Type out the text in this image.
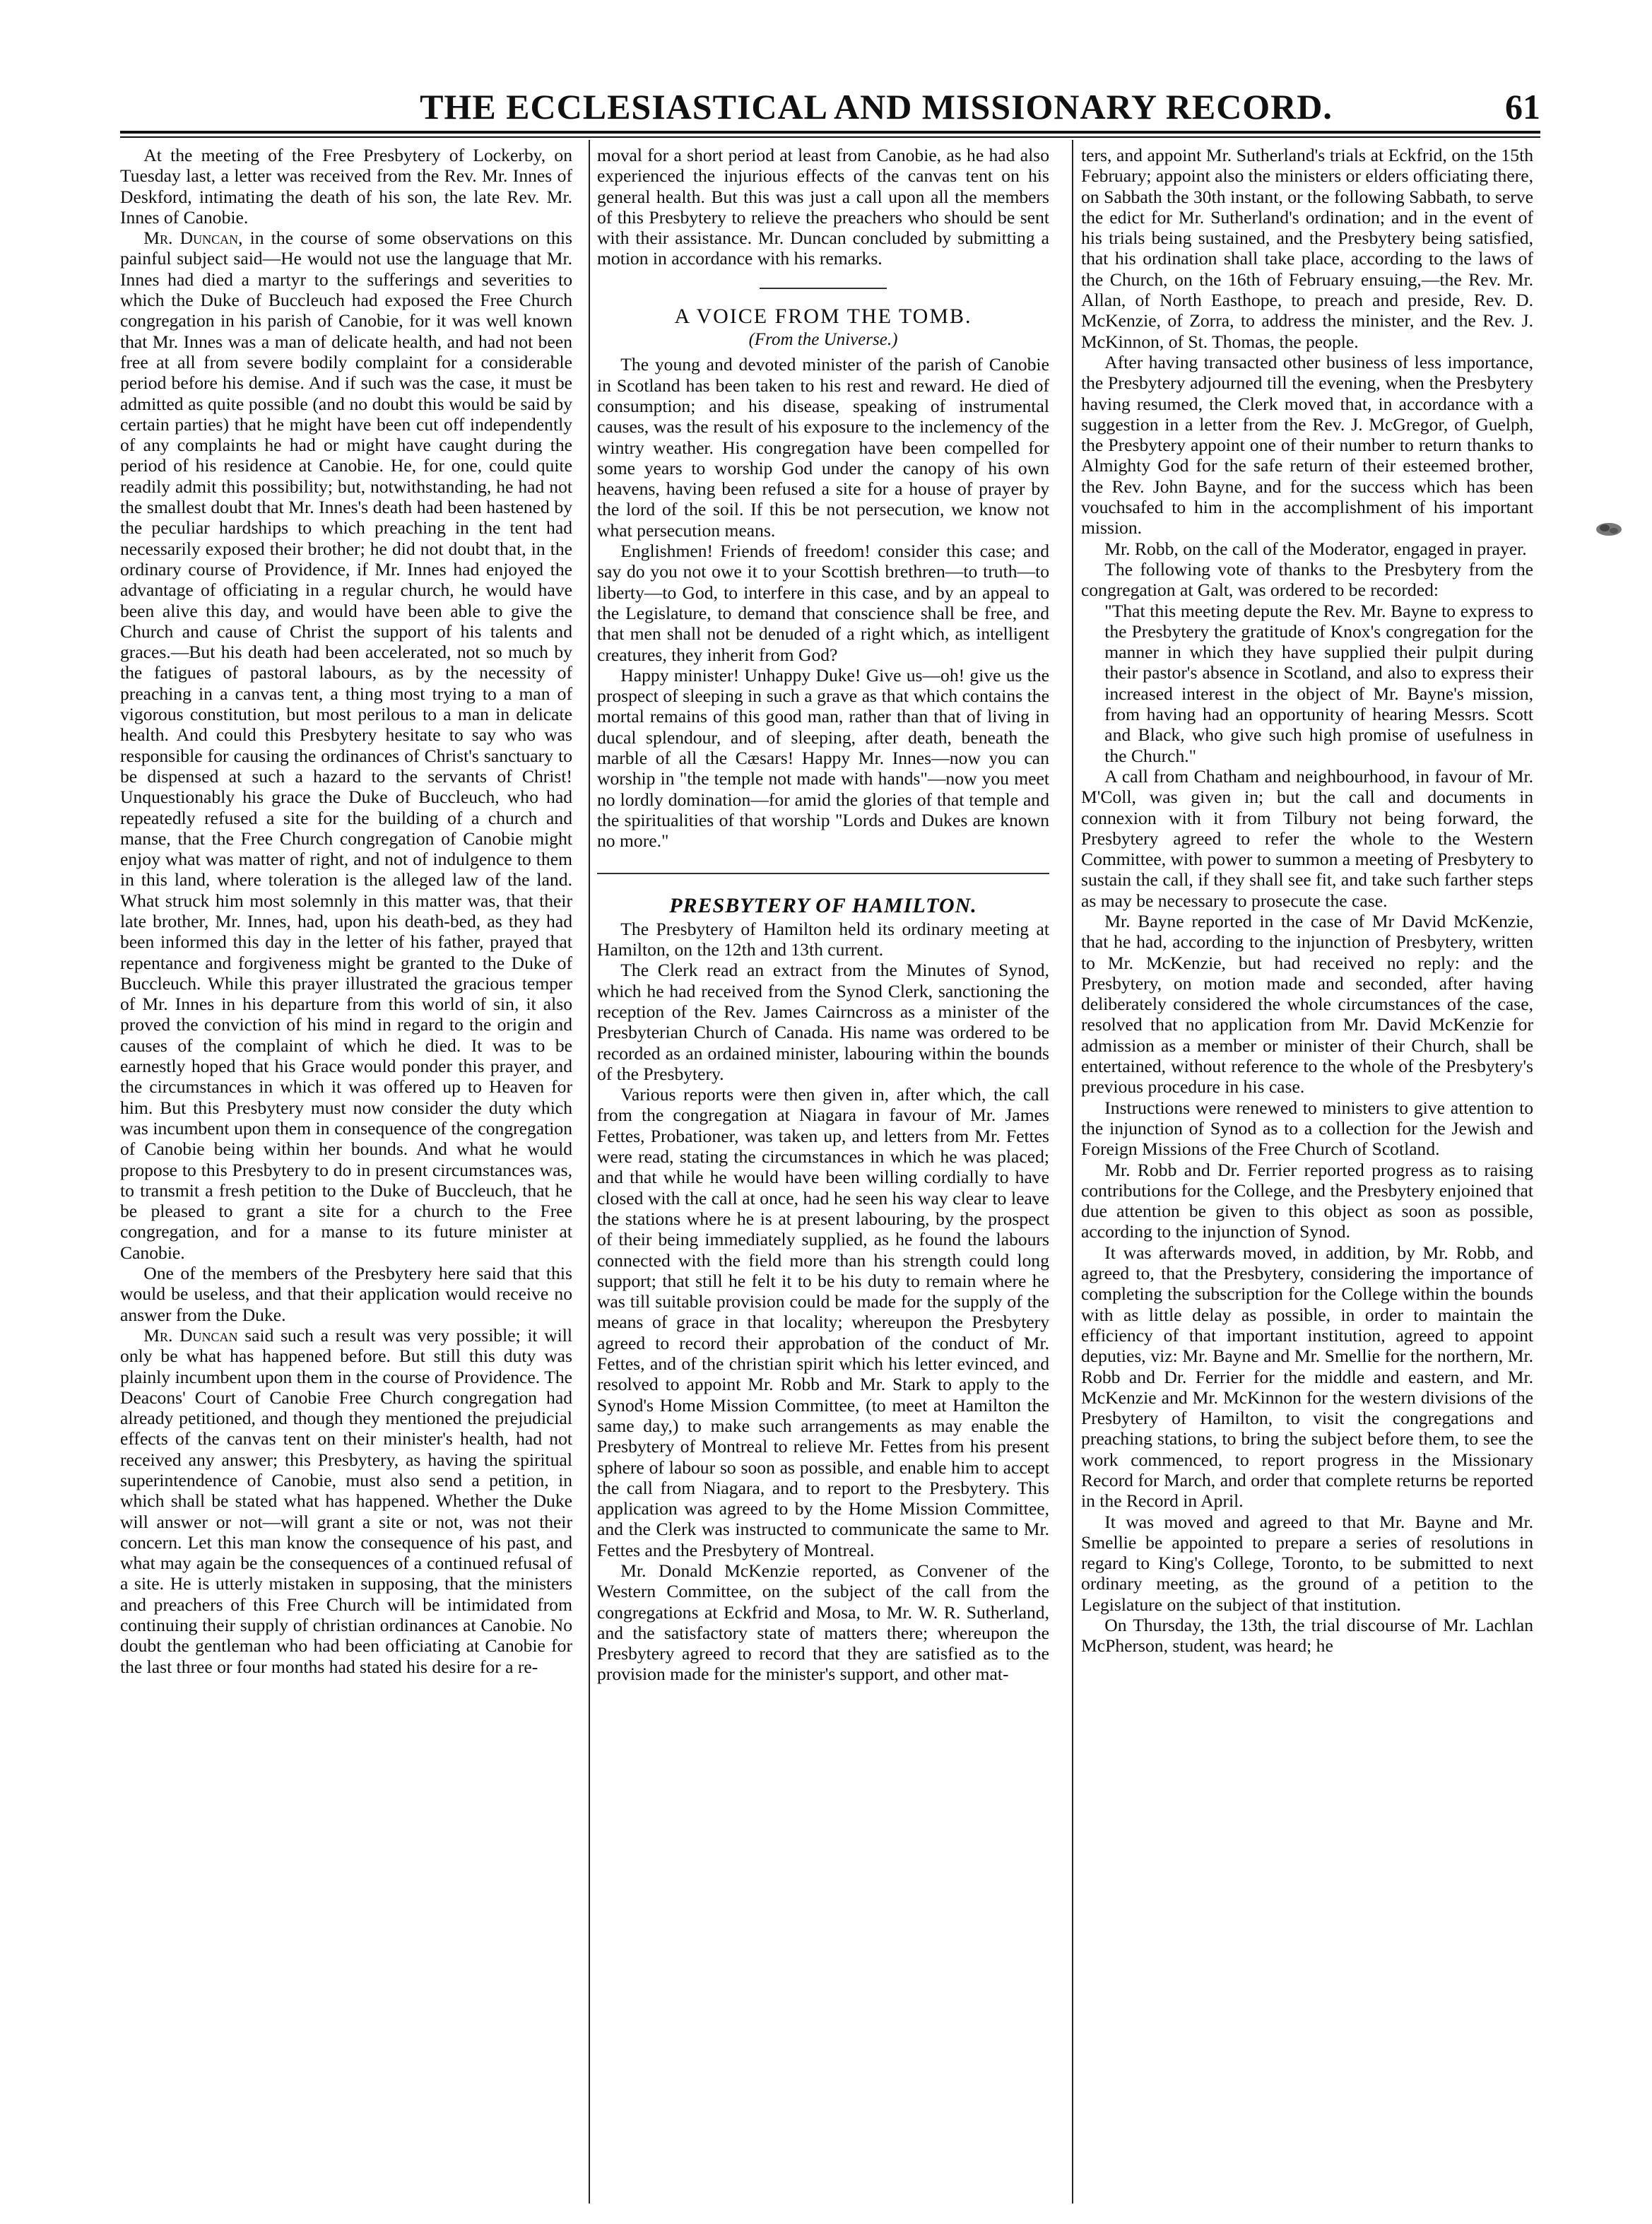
THE ECCLESIASTICAL AND MISSIONARY RECORD.	61

At the meeting of the Free Presbytery of Lockerby, on Tuesday last, a letter was received from the Rev. Mr. Innes of Deskford, intimating the death of his son, the late Rev. Mr. Innes of Canobie.

Mr. Duncan, in the course of some observations on this painful subject said—He would not use the language that Mr. Innes had died a martyr to the sufferings and severities to which the Duke of Buccleuch had exposed the Free Church congregation in his parish of Canobie, for it was well known that Mr. Innes was a man of delicate health, and had not been free at all from severe bodily complaint for a considerable period before his demise. And if such was the case, it must be admitted as quite possible (and no doubt this would be said by certain parties) that he might have been cut off independently of any complaints he had or might have caught during the period of his residence at Canobie. He, for one, could quite readily admit this possibility; but, notwithstanding, he had not the smallest doubt that Mr. Innes's death had been hastened by the peculiar hardships to which preaching in the tent had necessarily exposed their brother; he did not doubt that, in the ordinary course of Providence, if Mr. Innes had enjoyed the advantage of officiating in a regular church, he would have been alive this day, and would have been able to give the Church and cause of Christ the support of his talents and graces.—But his death had been accelerated, not so much by the fatigues of pastoral labours, as by the necessity of preaching in a canvas tent, a thing most trying to a man of vigorous constitution, but most perilous to a man in delicate health. And could this Presbytery hesitate to say who was responsible for causing the ordinances of Christ's sanctuary to be dispensed at such a hazard to the servants of Christ! Unquestionably his grace the Duke of Buccleuch, who had repeatedly refused a site for the building of a church and manse, that the Free Church congregation of Canobie might enjoy what was matter of right, and not of indulgence to them in this land, where toleration is the alleged law of the land. What struck him most solemnly in this matter was, that their late brother, Mr. Innes, had, upon his death-bed, as they had been informed this day in the letter of his father, prayed that repentance and forgiveness might be granted to the Duke of Buccleuch. While this prayer illustrated the gracious temper of Mr. Innes in his departure from this world of sin, it also proved the conviction of his mind in regard to the origin and causes of the complaint of which he died. It was to be earnestly hoped that his Grace would ponder this prayer, and the circumstances in which it was offered up to Heaven for him. But this Presbytery must now consider the duty which was incumbent upon them in consequence of the congregation of Canobie being within her bounds. And what he would propose to this Presbytery to do in present circumstances was, to transmit a fresh petition to the Duke of Buccleuch, that he be pleased to grant a site for a church to the Free congregation, and for a manse to its future minister at Canobie.

One of the members of the Presbytery here said that this would be useless, and that their application would receive no answer from the Duke.

Mr. Duncan said such a result was very possible; it will only be what has happened before. But still this duty was plainly incumbent upon them in the course of Providence. The Deacons' Court of Canobie Free Church congregation had already petitioned, and though they mentioned the prejudicial effects of the canvas tent on their minister's health, had not received any answer; this Presbytery, as having the spiritual superintendence of Canobie, must also send a petition, in which shall be stated what has happened. Whether the Duke will answer or not—will grant a site or not, was not their concern. Let this man know the consequence of his past, and what may again be the consequences of a continued refusal of a site. He is utterly mistaken in supposing, that the ministers and preachers of this Free Church will be intimidated from continuing their supply of christian ordinances at Canobie. No doubt the gentleman who had been officiating at Canobie for the last three or four months had stated his desire for a re-

moval for a short period at least from Canobie, as he had also experienced the injurious effects of the canvas tent on his general health. But this was just a call upon all the members of this Presbytery to relieve the preachers who should be sent with their assistance. Mr. Duncan concluded by submitting a motion in accordance with his remarks.

A VOICE FROM THE TOMB.
(From the Universe.)

The young and devoted minister of the parish of Canobie in Scotland has been taken to his rest and reward. He died of consumption; and his disease, speaking of instrumental causes, was the result of his exposure to the inclemency of the wintry weather. His congregation have been compelled for some years to worship God under the canopy of his own heavens, having been refused a site for a house of prayer by the lord of the soil. If this be not persecution, we know not what persecution means.

Englishmen! Friends of freedom! consider this case; and say do you not owe it to your Scottish brethren—to truth—to liberty—to God, to interfere in this case, and by an appeal to the Legislature, to demand that conscience shall be free, and that men shall not be denuded of a right which, as intelligent creatures, they inherit from God?

Happy minister! Unhappy Duke! Give us—oh! give us the prospect of sleeping in such a grave as that which contains the mortal remains of this good man, rather than that of living in ducal splendour, and of sleeping, after death, beneath the marble of all the Cæsars! Happy Mr. Innes—now you can worship in "the temple not made with hands"—now you meet no lordly domination—for amid the glories of that temple and the spiritualities of that worship "Lords and Dukes are known no more."

PRESBYTERY OF HAMILTON.

The Presbytery of Hamilton held its ordinary meeting at Hamilton, on the 12th and 13th current.

The Clerk read an extract from the Minutes of Synod, which he had received from the Synod Clerk, sanctioning the reception of the Rev. James Cairncross as a minister of the Presbyterian Church of Canada. His name was ordered to be recorded as an ordained minister, labouring within the bounds of the Presbytery.

Various reports were then given in, after which, the call from the congregation at Niagara in favour of Mr. James Fettes, Probationer, was taken up, and letters from Mr. Fettes were read, stating the circumstances in which he was placed; and that while he would have been willing cordially to have closed with the call at once, had he seen his way clear to leave the stations where he is at present labouring, by the prospect of their being immediately supplied, as he found the labours connected with the field more than his strength could long support; that still he felt it to be his duty to remain where he was till suitable provision could be made for the supply of the means of grace in that locality; whereupon the Presbytery agreed to record their approbation of the conduct of Mr. Fettes, and of the christian spirit which his letter evinced, and resolved to appoint Mr. Robb and Mr. Stark to apply to the Synod's Home Mission Committee, (to meet at Hamilton the same day,) to make such arrangements as may enable the Presbytery of Montreal to relieve Mr. Fettes from his present sphere of labour so soon as possible, and enable him to accept the call from Niagara, and to report to the Presbytery. This application was agreed to by the Home Mission Committee, and the Clerk was instructed to communicate the same to Mr. Fettes and the Presbytery of Montreal.

Mr. Donald McKenzie reported, as Convener of the Western Committee, on the subject of the call from the congregations at Eckfrid and Mosa, to Mr. W. R. Sutherland, and the satisfactory state of matters there; whereupon the Presbytery agreed to record that they are satisfied as to the provision made for the minister's support, and other mat-

ters, and appoint Mr. Sutherland's trials at Eckfrid, on the 15th February; appoint also the ministers or elders officiating there, on Sabbath the 30th instant, or the following Sabbath, to serve the edict for Mr. Sutherland's ordination; and in the event of his trials being sustained, and the Presbytery being satisfied, that his ordination shall take place, according to the laws of the Church, on the 16th of February ensuing,—the Rev. Mr. Allan, of North Easthope, to preach and preside, Rev. D. McKenzie, of Zorra, to address the minister, and the Rev. J. McKinnon, of St. Thomas, the people.

After having transacted other business of less importance, the Presbytery adjourned till the evening, when the Presbytery having resumed, the Clerk moved that, in accordance with a suggestion in a letter from the Rev. J. McGregor, of Guelph, the Presbytery appoint one of their number to return thanks to Almighty God for the safe return of their esteemed brother, the Rev. John Bayne, and for the success which has been vouchsafed to him in the accomplishment of his important mission.

Mr. Robb, on the call of the Moderator, engaged in prayer.

The following vote of thanks to the Presbytery from the congregation at Galt, was ordered to be recorded:

"That this meeting depute the Rev. Mr. Bayne to express to the Presbytery the gratitude of Knox's congregation for the manner in which they have supplied their pulpit during their pastor's absence in Scotland, and also to express their increased interest in the object of Mr. Bayne's mission, from having had an opportunity of hearing Messrs. Scott and Black, who give such high promise of usefulness in the Church."

A call from Chatham and neighbourhood, in favour of Mr. M'Coll, was given in; but the call and documents in connexion with it from Tilbury not being forward, the Presbytery agreed to refer the whole to the Western Committee, with power to summon a meeting of Presbytery to sustain the call, if they shall see fit, and take such farther steps as may be necessary to prosecute the case.

Mr. Bayne reported in the case of Mr David McKenzie, that he had, according to the injunction of Presbytery, written to Mr. McKenzie, but had received no reply: and the Presbytery, on motion made and seconded, after having deliberately considered the whole circumstances of the case, resolved that no application from Mr. David McKenzie for admission as a member or minister of their Church, shall be entertained, without reference to the whole of the Presbytery's previous procedure in his case.

Instructions were renewed to ministers to give attention to the injunction of Synod as to a collection for the Jewish and Foreign Missions of the Free Church of Scotland.

Mr. Robb and Dr. Ferrier reported progress as to raising contributions for the College, and the Presbytery enjoined that due attention be given to this object as soon as possible, according to the injunction of Synod.

It was afterwards moved, in addition, by Mr. Robb, and agreed to, that the Presbytery, considering the importance of completing the subscription for the College within the bounds with as little delay as possible, in order to maintain the efficiency of that important institution, agreed to appoint deputies, viz: Mr. Bayne and Mr. Smellie for the northern, Mr. Robb and Dr. Ferrier for the middle and eastern, and Mr. McKenzie and Mr. McKinnon for the western divisions of the Presbytery of Hamilton, to visit the congregations and preaching stations, to bring the subject before them, to see the work commenced, to report progress in the Missionary Record for March, and order that complete returns be reported in the Record in April.

It was moved and agreed to that Mr. Bayne and Mr. Smellie be appointed to prepare a series of resolutions in regard to King's College, Toronto, to be submitted to next ordinary meeting, as the ground of a petition to the Legislature on the subject of that institution.

On Thursday, the 13th, the trial discourse of Mr. Lachlan McPherson, student, was heard; he
